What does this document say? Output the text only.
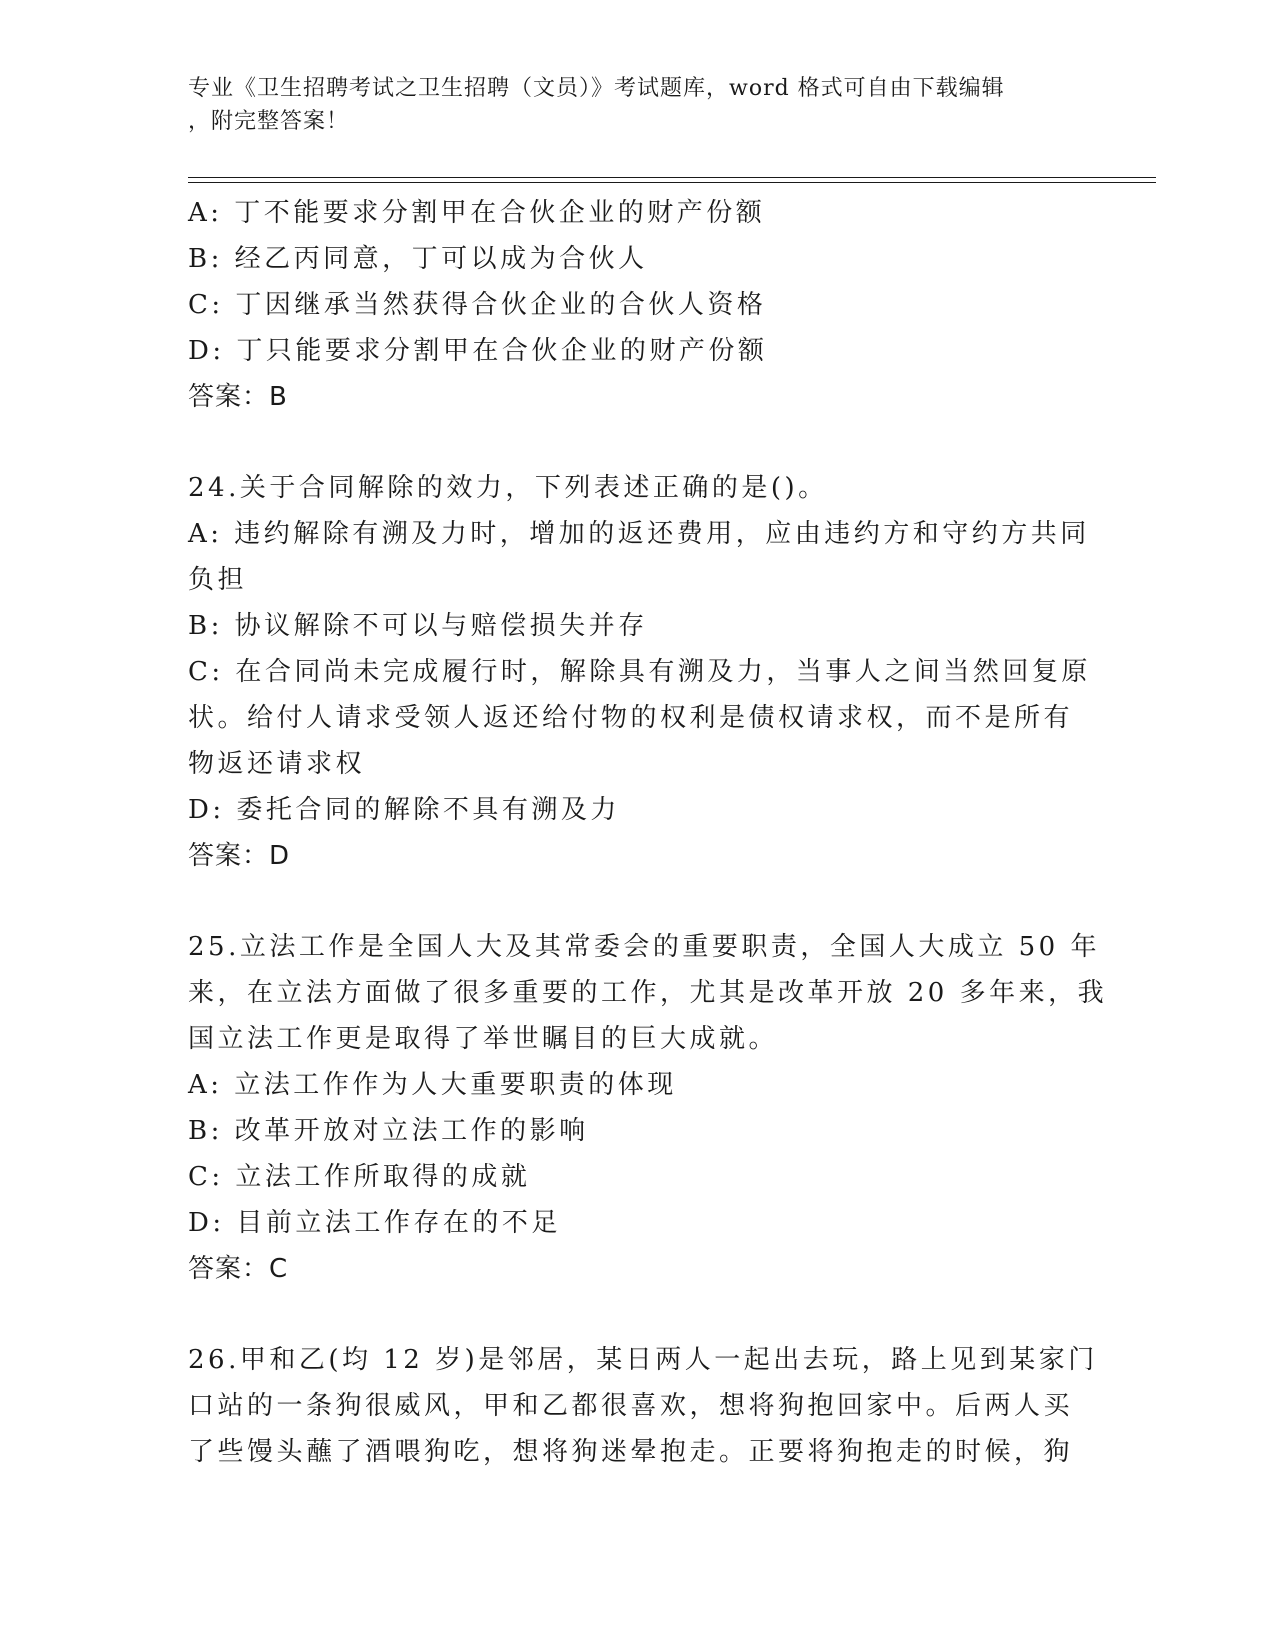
专业《卫生招聘考试之卫生招聘（文员）》考试题库，word 格式可自由下载编辑
，附完整答案！
A: 丁不能要求分割甲在合伙企业的财产份额
B: 经乙丙同意，丁可以成为合伙人
C: 丁因继承当然获得合伙企业的合伙人资格
D: 丁只能要求分割甲在合伙企业的财产份额
答案：B
24.关于合同解除的效力，下列表述正确的是()。
A: 违约解除有溯及力时，增加的返还费用，应由违约方和守约方共同
负担
B: 协议解除不可以与赔偿损失并存
C: 在合同尚未完成履行时，解除具有溯及力，当事人之间当然回复原
状。给付人请求受领人返还给付物的权利是债权请求权，而不是所有
物返还请求权
D: 委托合同的解除不具有溯及力
答案：D
25.立法工作是全国人大及其常委会的重要职责，全国人大成立 50 年
来，在立法方面做了很多重要的工作，尤其是改革开放 20 多年来，我
国立法工作更是取得了举世瞩目的巨大成就。
A: 立法工作作为人大重要职责的体现
B: 改革开放对立法工作的影响
C: 立法工作所取得的成就
D: 目前立法工作存在的不足
答案：C
26.甲和乙(均 12 岁)是邻居，某日两人一起出去玩，路上见到某家门
口站的一条狗很威风，甲和乙都很喜欢，想将狗抱回家中。后两人买
了些馒头蘸了酒喂狗吃，想将狗迷晕抱走。正要将狗抱走的时候，狗
